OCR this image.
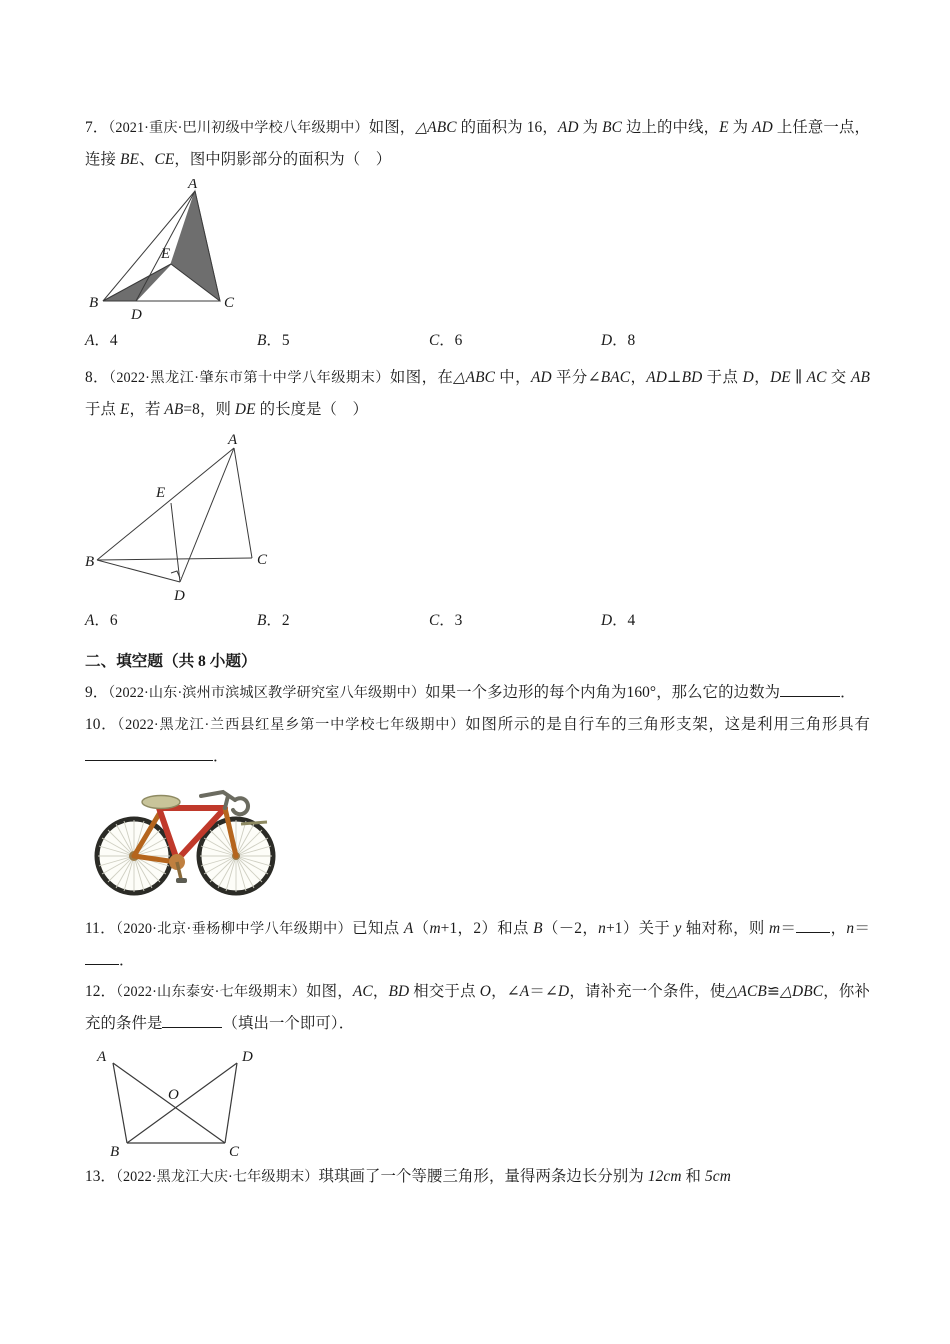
7．（2021·重庆·巴川初级中学校八年级期中）如图，△ABC 的面积为 16，AD 为 BC 边上的中线，E 为 AD 上任意一点，连接 BE、CE，图中阴影部分的面积为（　）
A
E
B
D
C
A．4	B．5	C．6	D．8
8．（2022·黑龙江·肇东市第十中学八年级期末）如图，在△ABC 中，AD 平分∠BAC，AD⊥BD 于点 D，DE ∥ AC 交 AB 于点 E，若 AB=8，则 DE 的长度是（　）
A
E
B	C
D
A．6	B．2	C．3	D．4
二、填空题（共 8 小题）
9．（2022·山东·滨州市滨城区教学研究室八年级期中）如果一个多边形的每个内角为160°，那么它的边数为	．
10．（2022·黑龙江·兰西县红星乡第一中学校七年级期中）如图所示的是自行车的三角形支架，这是利用三角形具有 ．
11．（2020·北京·垂杨柳中学八年级期中）已知点 A（m+1，2）和点 B（－2，n+1）关于 y 轴对称，则 m＝ ，n＝．
12．（2022·山东泰安·七年级期末）如图，AC，BD 相交于点 O，∠A＝∠D，请补充一个条件，使△ACB≌△DBC，你补充的条件是	（填出一个即可）．
A	D
O
B	C
13．（2022·黑龙江大庆·七年级期末）琪琪画了一个等腰三角形，量得两条边长分别为 12cm 和 5cm
